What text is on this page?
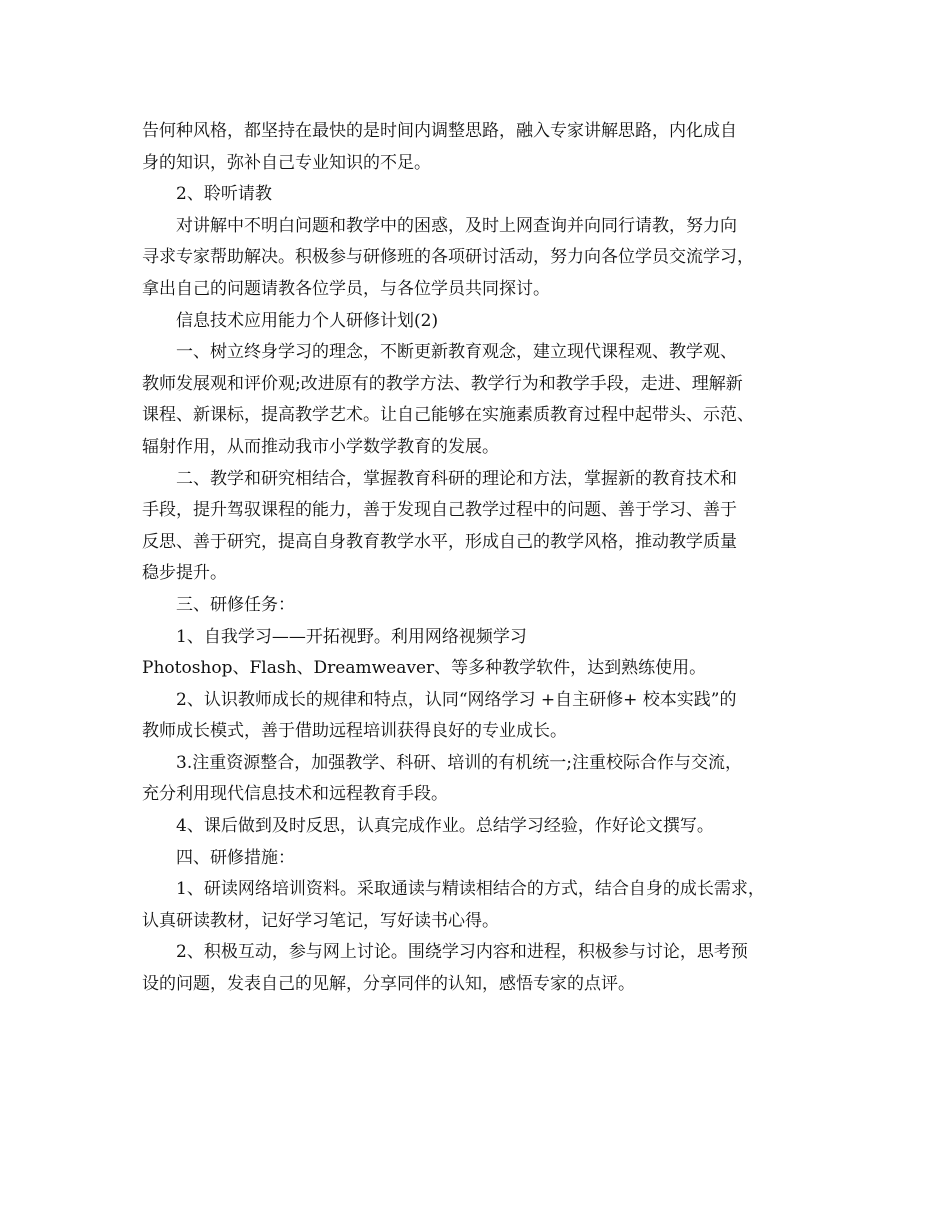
告何种风格，都坚持在最快的是时间内调整思路，融入专家讲解思路，内化成自
身的知识，弥补自己专业知识的不足。
2、聆听请教
对讲解中不明白问题和教学中的困惑，及时上网查询并向同行请教，努力向
寻求专家帮助解决。积极参与研修班的各项研讨活动，努力向各位学员交流学习，
拿出自己的问题请教各位学员，与各位学员共同探讨。
信息技术应用能力个人研修计划(2)
一、树立终身学习的理念，不断更新教育观念，建立现代课程观、教学观、
教师发展观和评价观;改进原有的教学方法、教学行为和教学手段，走进、理解新
课程、新课标，提高教学艺术。让自己能够在实施素质教育过程中起带头、示范、
辐射作用，从而推动我市小学数学教育的发展。
二、教学和研究相结合，掌握教育科研的理论和方法，掌握新的教育技术和
手段，提升驾驭课程的能力，善于发现自己教学过程中的问题、善于学习、善于
反思、善于研究，提高自身教育教学水平，形成自己的教学风格，推动教学质量
稳步提升。
三、研修任务：
1、自我学习——开拓视野。利用网络视频学习
Photoshop、Flash、Dreamweaver、等多种教学软件，达到熟练使用。
2、认识教师成长的规律和特点，认同“网络学习 +自主研修+ 校本实践”的
教师成长模式，善于借助远程培训获得良好的专业成长。
3.注重资源整合，加强教学、科研、培训的有机统一;注重校际合作与交流，
充分利用现代信息技术和远程教育手段。
4、课后做到及时反思，认真完成作业。总结学习经验，作好论文撰写。
四、研修措施：
1、研读网络培训资料。采取通读与精读相结合的方式，结合自身的成长需求，
认真研读教材，记好学习笔记，写好读书心得。
2、积极互动，参与网上讨论。围绕学习内容和进程，积极参与讨论，思考预
设的问题，发表自己的见解，分享同伴的认知，感悟专家的点评。
